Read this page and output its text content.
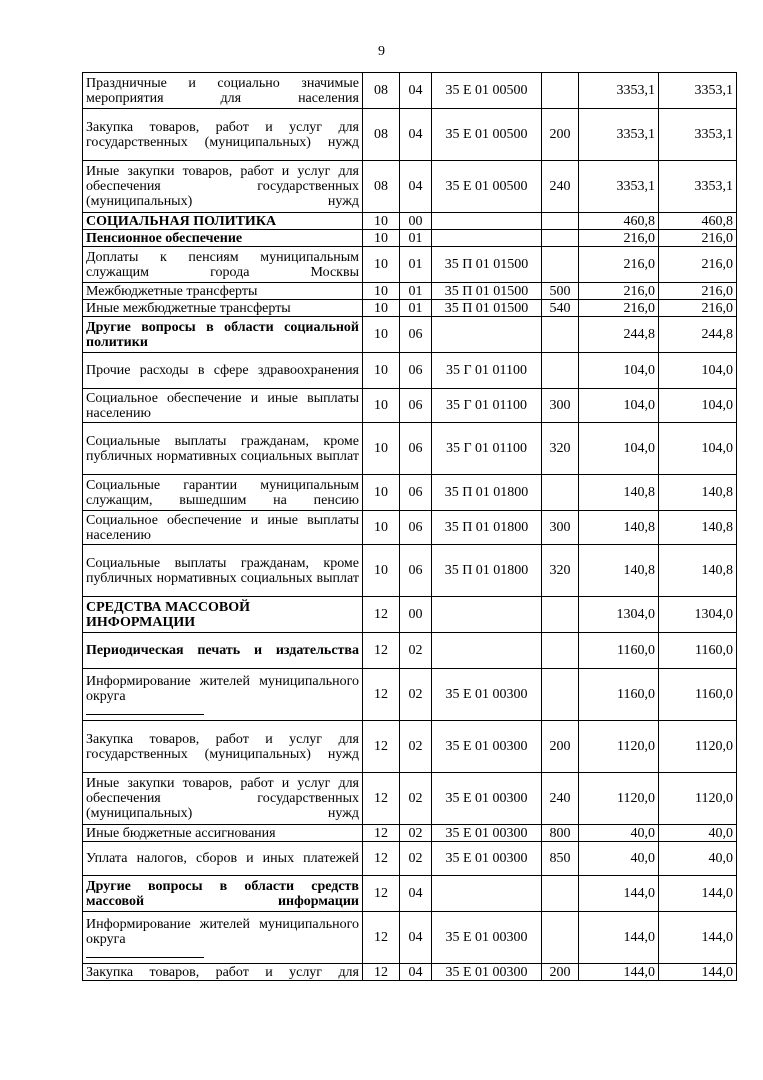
9
Праздничные и социально значимые мероприятия для населения	08	04	35 Е 01 00500		3353,1	3353,1
Закупка товаров, работ и услуг для государственных (муниципальных) нужд	08	04	35 Е 01 00500	200	3353,1	3353,1
Иные закупки товаров, работ и услуг для обеспечения государственных (муниципальных) нужд	08	04	35 Е 01 00500	240	3353,1	3353,1
СОЦИАЛЬНАЯ ПОЛИТИКА	10	00			460,8	460,8
Пенсионное обеспечение	10	01			216,0	216,0
Доплаты к пенсиям муниципальным служащим города Москвы	10	01	35 П 01 01500		216,0	216,0
Межбюджетные трансферты	10	01	35 П 01 01500	500	216,0	216,0
Иные межбюджетные трансферты	10	01	35 П 01 01500	540	216,0	216,0
Другие вопросы в области социальной политики	10	06			244,8	244,8
Прочие расходы в сфере здравоохранения	10	06	35 Г 01 01100		104,0	104,0
Социальное обеспечение и иные выплаты населению	10	06	35 Г 01 01100	300	104,0	104,0
Социальные выплаты гражданам, кроме публичных нормативных социальных выплат	10	06	35 Г 01 01100	320	104,0	104,0
Социальные гарантии муниципальным служащим, вышедшим на пенсию	10	06	35 П 01 01800		140,8	140,8
Социальное обеспечение и иные выплаты населению	10	06	35 П 01 01800	300	140,8	140,8
Социальные выплаты гражданам, кроме публичных нормативных социальных выплат	10	06	35 П 01 01800	320	140,8	140,8
СРЕДСТВА МАССОВОЙ ИНФОРМАЦИИ	12	00			1304,0	1304,0
Периодическая печать и издательства	12	02			1160,0	1160,0
Информирование жителей муниципального округа	12	02	35 Е 01 00300		1160,0	1160,0
Закупка товаров, работ и услуг для государственных (муниципальных) нужд	12	02	35 Е 01 00300	200	1120,0	1120,0
Иные закупки товаров, работ и услуг для обеспечения государственных (муниципальных) нужд	12	02	35 Е 01 00300	240	1120,0	1120,0
Иные бюджетные ассигнования	12	02	35 Е 01 00300	800	40,0	40,0
Уплата налогов, сборов и иных платежей	12	02	35 Е 01 00300	850	40,0	40,0
Другие вопросы в области средств массовой информации	12	04			144,0	144,0
Информирование жителей муниципального округа	12	04	35 Е 01 00300		144,0	144,0
Закупка товаров, работ и услуг для	12	04	35 Е 01 00300	200	144,0	144,0
